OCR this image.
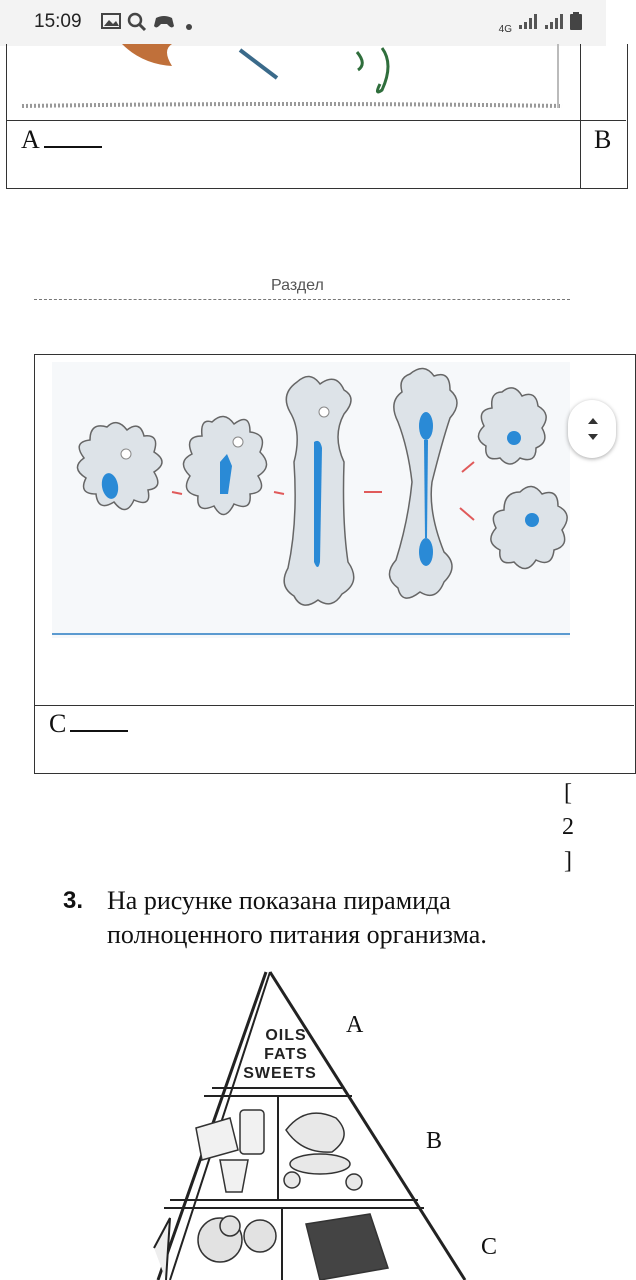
15:09	4G
A	B
Раздел
C
[
2
]
3. На рисунке показана пирамида полноценного питания организма.
OILS
FATS
SWEETS
A
B
C
